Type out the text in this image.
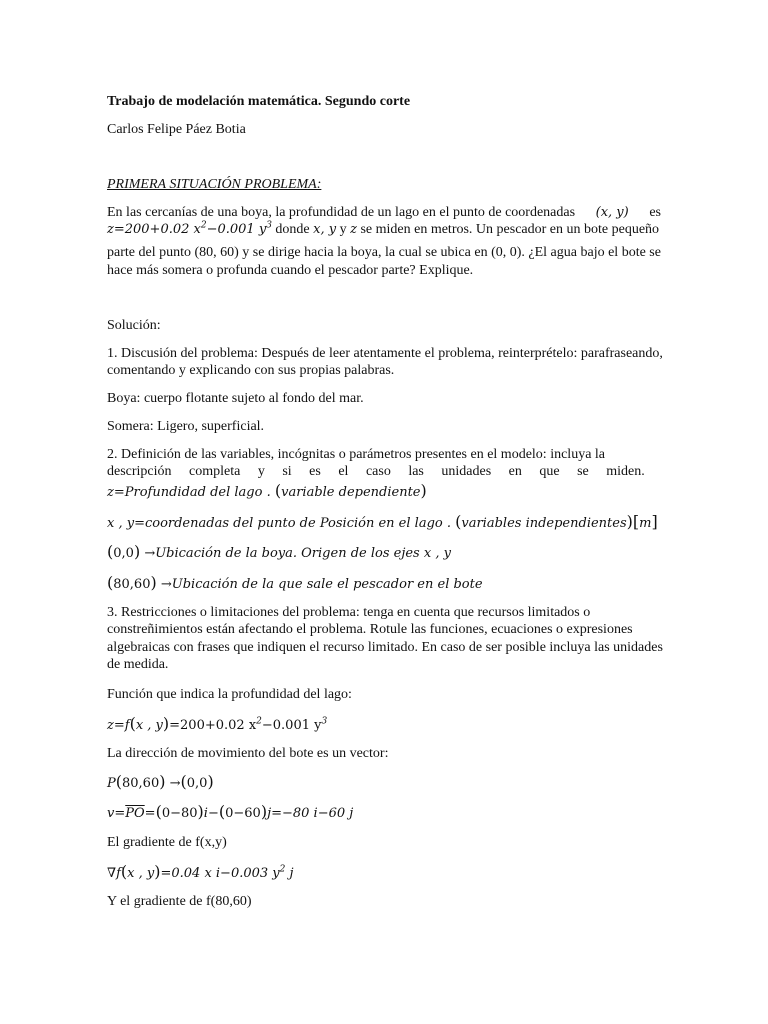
Trabajo de modelación matemática. Segundo corte
Carlos Felipe Páez Botia
PRIMERA SITUACIÓN PROBLEMA:
En las cercanías de una boya, la profundidad de un lago en el punto de coordenadas (x, y) es
z=200+0.02 $x^2-0.001$ $y^3$ donde x, y y z se miden en metros. Un pescador en un bote pequeño
parte del punto (80, 60) y se dirige hacia la boya, la cual se ubica en (0, 0). ¿El agua bajo el bote se
hace más somera o profunda cuando el pescador parte? Explique.
Solución:
1. Discusión del problema: Después de leer atentamente el problema, reinterprételo: parafraseando,
comentando y explicando con sus propias palabras.
Boya: cuerpo flotante sujeto al fondo del mar.
Somera: Ligero, superficial.
2. Definición de las variables, incógnitas o parámetros presentes en el modelo: incluya la
descripción completa y si es el caso las unidades en que se miden.
z=Profundidad del lago . (variable dependiente)
x , y=coordenadas del punto de Posición en el lago . (variables independientes)[m]
(0,0) →Ubicación de la boya. Origen de los ejes x , y
(80,60) →Ubicación de la que sale el pescador en el bote
3. Restricciones o limitaciones del problema: tenga en cuenta que recursos limitados o
constreñimientos están afectando el problema. Rotule las funciones, ecuaciones o expresiones
algebraicas con frases que indiquen el recurso limitado. En caso de ser posible incluya las unidades
de medida.
Función que indica la profundidad del lago:
z=f(x , y)=200+0.02 $x^2-0.001$ $y^3$
La dirección de movimiento del bote es un vector:
P(80,60) →(0,0)
$v=\overline{PO}=(0-80)i-(0-60)j=-80$ i−60 j
El gradiente de f(x,y)
∇f(x , y)=0.04 x i−0.003 $y^2$ j
Y el gradiente de f(80,60)
